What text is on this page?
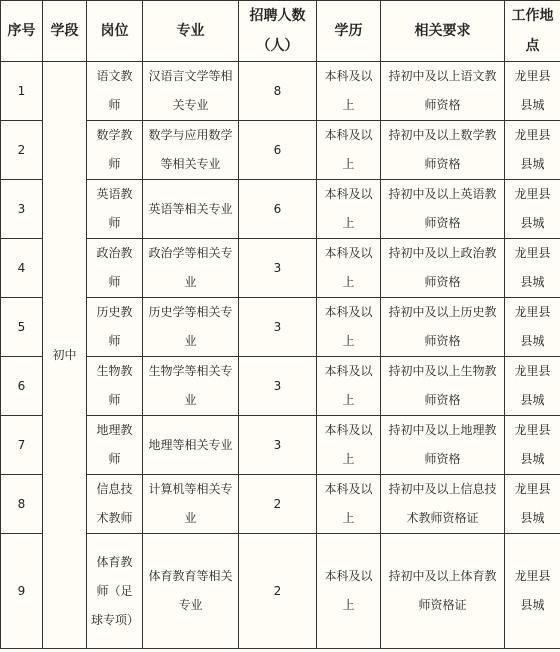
序号	学段	岗位	专业	招聘人数（人）	学历	相关要求	工作地点
1	初中	语文教师	汉语言文学等相关专业	8	本科及以上	持初中及以上语文教师资格	龙里县县城
2		数学教师	数学与应用数学等相关专业	6	本科及以上	持初中及以上数学教师资格	龙里县县城
3		英语教师	英语等相关专业	6	本科及以上	持初中及以上英语教师资格	龙里县县城
4		政治教师	政治学等相关专业	3	本科及以上	持初中及以上政治教师资格	龙里县县城
5		历史教师	历史学等相关专业	3	本科及以上	持初中及以上历史教师资格	龙里县县城
6		生物教师	生物学等相关专业	3	本科及以上	持初中及以上生物教师资格	龙里县县城
7		地理教师	地理等相关专业	3	本科及以上	持初中及以上地理教师资格	龙里县县城
8		信息技术教师	计算机等相关专业	2	本科及以上	持初中及以上信息技术教师资格证	龙里县县城
9		体育教师（足球专项）	体育教育等相关专业	2	本科及以上	持初中及以上体育教师资格证	龙里县县城
